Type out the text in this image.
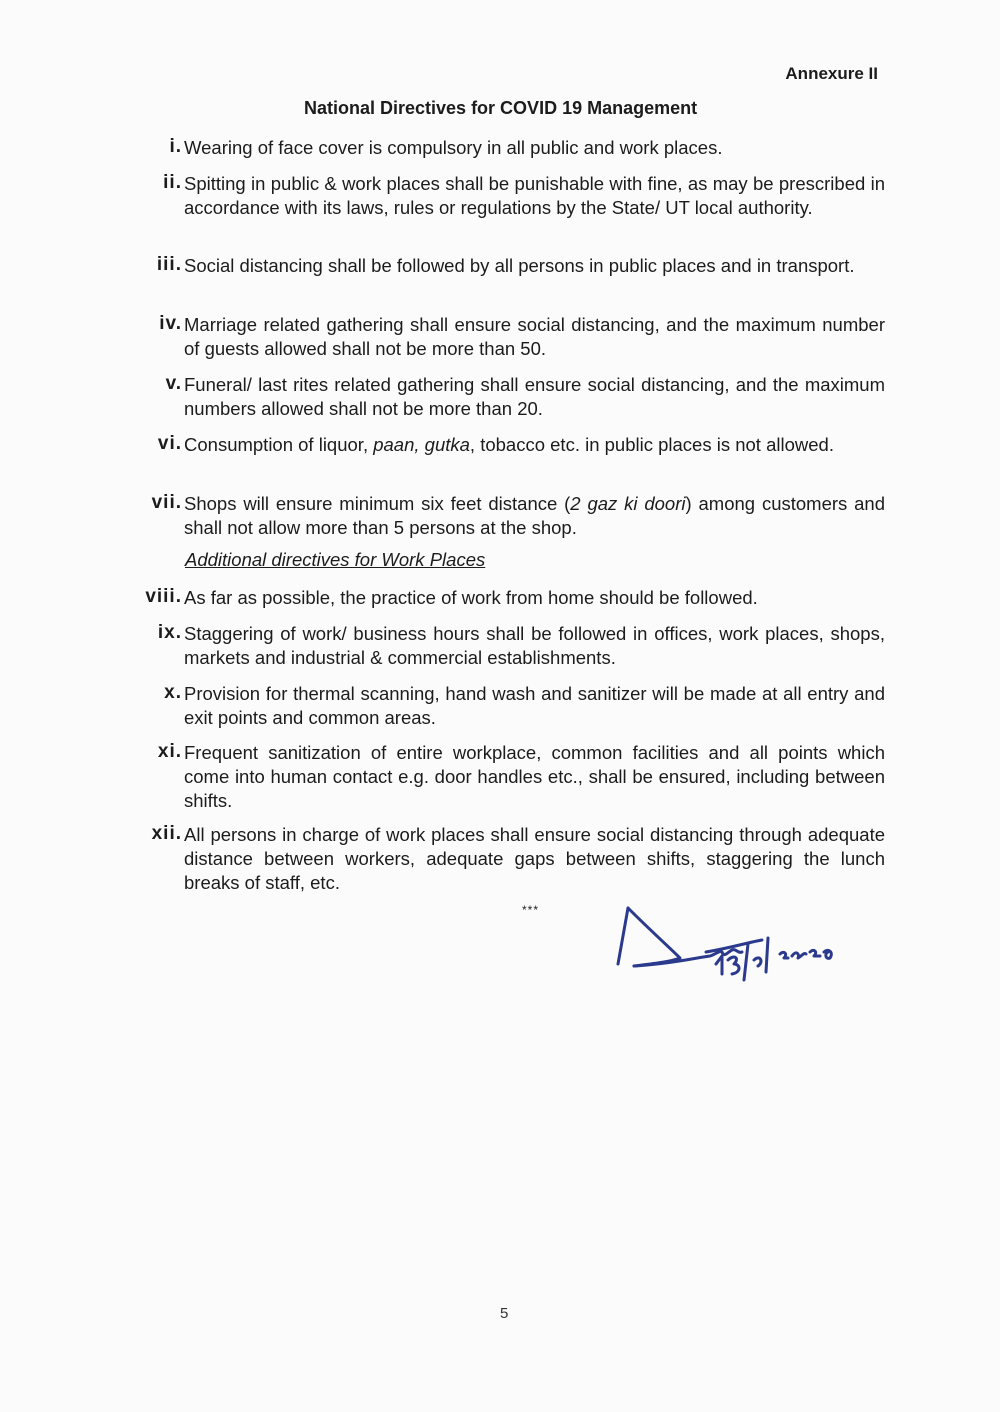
Annexure II
National Directives for COVID 19 Management
i. Wearing of face cover is compulsory in all public and work places.
ii. Spitting in public & work places shall be punishable with fine, as may be prescribed in accordance with its laws, rules or regulations by the State/ UT local authority.
iii. Social distancing shall be followed by all persons in public places and in transport.
iv. Marriage related gathering shall ensure social distancing, and the maximum number of guests allowed shall not be more than 50.
v. Funeral/ last rites related gathering shall ensure social distancing, and the maximum numbers allowed shall not be more than 20.
vi. Consumption of liquor, paan, gutka, tobacco etc. in public places is not allowed.
vii. Shops will ensure minimum six feet distance (2 gaz ki doori) among customers and shall not allow more than 5 persons at the shop.
Additional directives for Work Places
viii. As far as possible, the practice of work from home should be followed.
ix. Staggering of work/ business hours shall be followed in offices, work places, shops, markets and industrial & commercial establishments.
x. Provision for thermal scanning, hand wash and sanitizer will be made at all entry and exit points and common areas.
xi. Frequent sanitization of entire workplace, common facilities and all points which come into human contact e.g. door handles etc., shall be ensured, including between shifts.
xii. All persons in charge of work places shall ensure social distancing through adequate distance between workers, adequate gaps between shifts, staggering the lunch breaks of staff, etc.
***
5
